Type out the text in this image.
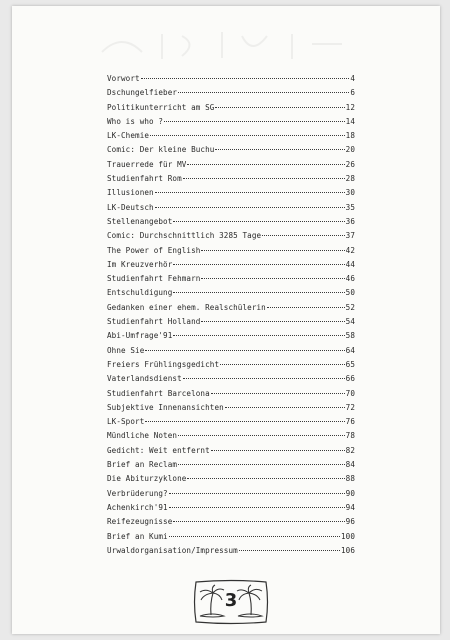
Vorwort	4
Dschungelfieber	6
Politikunterricht am SG	12
Who is who ?	14
LK-Chemie	18
Comic: Der kleine Buchu	20
Trauerrede für MV	26
Studienfahrt Rom	28
Illusionen	30
LK-Deutsch	35
Stellenangebot	36
Comic: Durchschnittlich 3285 Tage	37
The Power of English	42
Im Kreuzverhör	44
Studienfahrt Fehmarn	46
Entschuldigung	50
Gedanken einer ehem. Realschülerin	52
Studienfahrt Holland	54
Abi-Umfrage'91	58
Ohne Sie	64
Freiers Frühlingsgedicht	65
Vaterlandsdienst	66
Studienfahrt Barcelona	70
Subjektive Innenansichten	72
LK-Sport	76
Mündliche Noten	78
Gedicht: Weit entfernt	82
Brief an Reclam	84
Die Abiturzyklone	88
Verbrüderung?	90
Achenkirch'91	94
Reifezeugnisse	96
Brief an Kumi	100
Urwaldorganisation/Impressum	106
3
